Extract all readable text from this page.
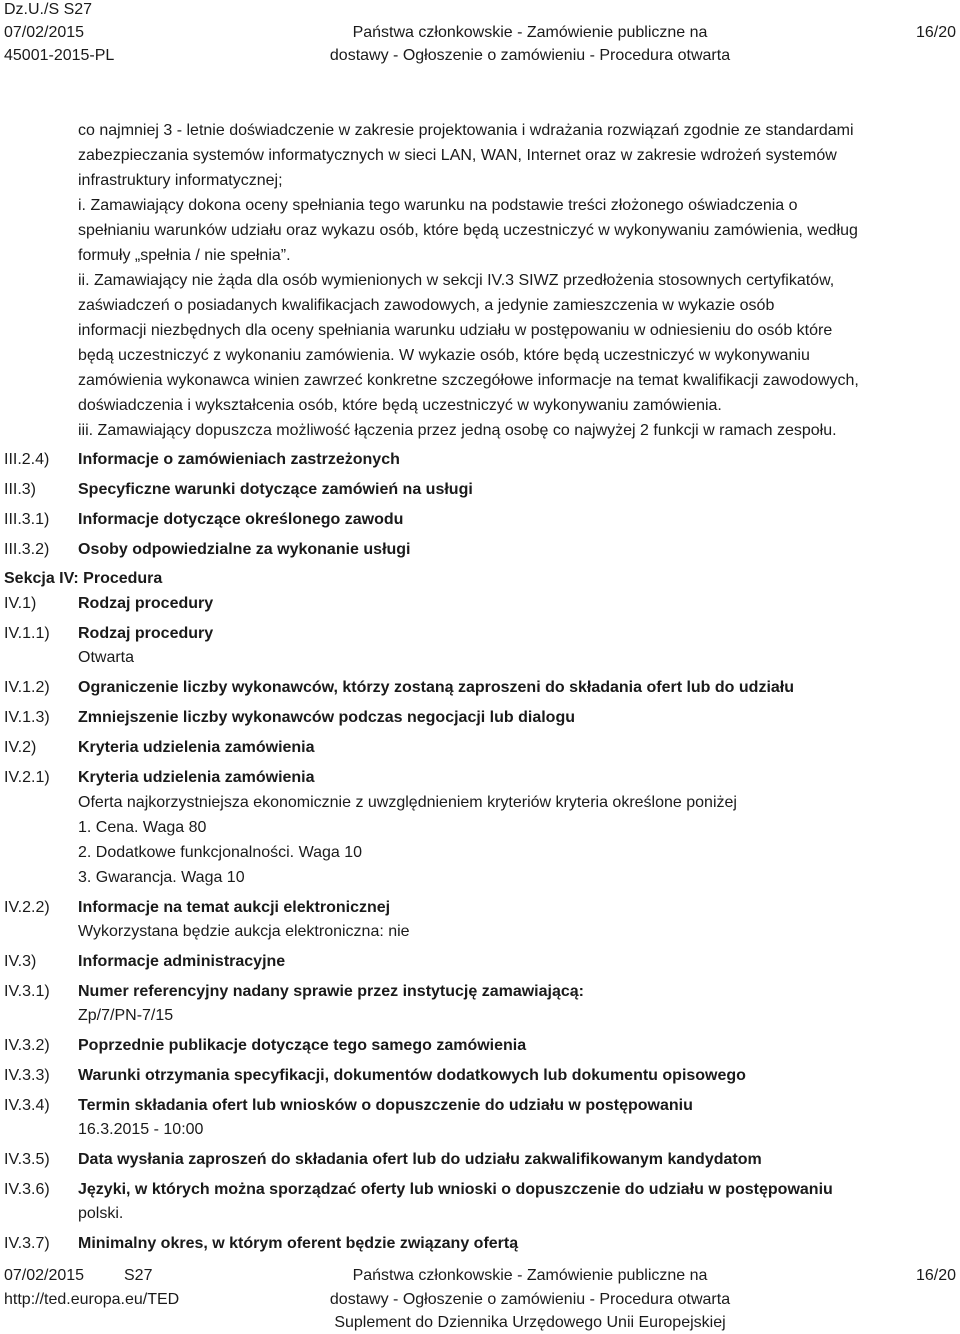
Dz.U./S S27
07/02/2015
45001-2015-PL
Państwa członkowskie - Zamówienie publiczne na
dostawy - Ogłoszenie o zamówieniu - Procedura otwarta
16/20
co najmniej 3 - letnie doświadczenie w zakresie projektowania i wdrażania rozwiązań zgodnie ze standardami
zabezpieczania systemów informatycznych w sieci LAN, WAN, Internet oraz w zakresie wdrożeń systemów
infrastruktury informatycznej;
i. Zamawiający dokona oceny spełniania tego warunku na podstawie treści złożonego oświadczenia o
spełnianiu warunków udziału oraz wykazu osób, które będą uczestniczyć w wykonywaniu zamówienia, według
formuły „spełnia / nie spełnia”.
ii. Zamawiający nie żąda dla osób wymienionych w sekcji IV.3 SIWZ przedłożenia stosownych certyfikatów,
zaświadczeń o posiadanych kwalifikacjach zawodowych, a jedynie zamieszczenia w wykazie osób
informacji niezbędnych dla oceny spełniania warunku udziału w postępowaniu w odniesieniu do osób które
będą uczestniczyć z wykonaniu zamówienia. W wykazie osób, które będą uczestniczyć w wykonywaniu
zamówienia wykonawca winien zawrzeć konkretne szczegółowe informacje na temat kwalifikacji zawodowych,
doświadczenia i wykształcenia osób, które będą uczestniczyć w wykonywaniu zamówienia.
iii. Zamawiający dopuszcza możliwość łączenia przez jedną osobę co najwyżej 2 funkcji w ramach zespołu.
III.2.4) Informacje o zamówieniach zastrzeżonych
III.3)	Specyficzne warunki dotyczące zamówień na usługi
III.3.1) Informacje dotyczące określonego zawodu
III.3.2) Osoby odpowiedzialne za wykonanie usługi
Sekcja IV: Procedura
IV.1)	Rodzaj procedury
IV.1.1) Rodzaj procedury
Otwarta
IV.1.2) Ograniczenie liczby wykonawców, którzy zostaną zaproszeni do składania ofert lub do udziału
IV.1.3) Zmniejszenie liczby wykonawców podczas negocjacji lub dialogu
IV.2)	Kryteria udzielenia zamówienia
IV.2.1) Kryteria udzielenia zamówienia
Oferta najkorzystniejsza ekonomicznie z uwzględnieniem kryteriów kryteria określone poniżej
1. Cena. Waga 80
2. Dodatkowe funkcjonalności. Waga 10
3. Gwarancja. Waga 10
IV.2.2) Informacje na temat aukcji elektronicznej
Wykorzystana będzie aukcja elektroniczna: nie
IV.3)	Informacje administracyjne
IV.3.1) Numer referencyjny nadany sprawie przez instytucję zamawiającą:
Zp/7/PN-7/15
IV.3.2) Poprzednie publikacje dotyczące tego samego zamówienia
IV.3.3) Warunki otrzymania specyfikacji, dokumentów dodatkowych lub dokumentu opisowego
IV.3.4) Termin składania ofert lub wniosków o dopuszczenie do udziału w postępowaniu
16.3.2015 - 10:00
IV.3.5) Data wysłania zaproszeń do składania ofert lub do udziału zakwalifikowanym kandydatom
IV.3.6) Języki, w których można sporządzać oferty lub wnioski o dopuszczenie do udziału w postępowaniu
polski.
IV.3.7) Minimalny okres, w którym oferent będzie związany ofertą
07/02/2015 S27
http://ted.europa.eu/TED
Państwa członkowskie - Zamówienie publiczne na
dostawy - Ogłoszenie o zamówieniu - Procedura otwarta
Suplement do Dziennika Urzędowego Unii Europejskiej
16/20
